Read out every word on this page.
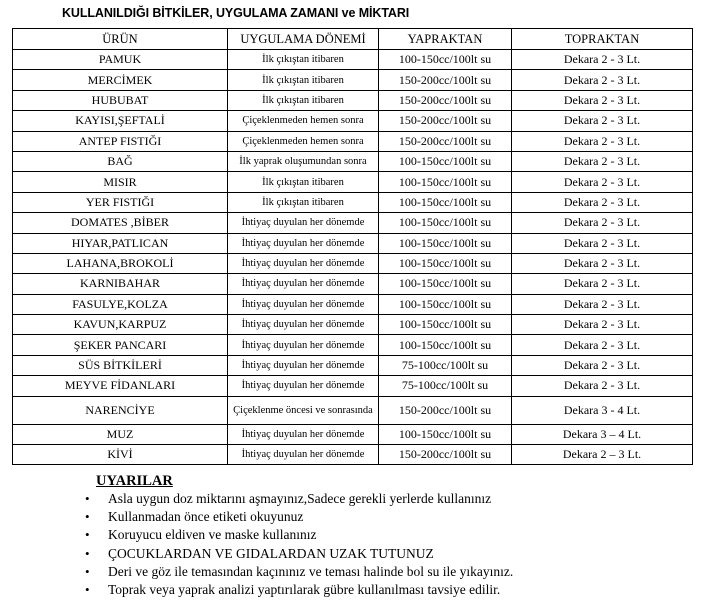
KULLANILDIĞI BİTKİLER, UYGULAMA ZAMANI ve MİKTARI
ÜRÜN	UYGULAMA DÖNEMİ	YAPRAKTAN	TOPRAKTAN
PAMUK	İlk çıkıştan itibaren	100-150cc/100lt su	Dekara 2 - 3 Lt.
MERCİMEK	İlk çıkıştan itibaren	150-200cc/100lt su	Dekara 2 - 3 Lt.
HUBUBAT	İlk çıkıştan itibaren	150-200cc/100lt su	Dekara 2 - 3 Lt.
KAYISI,ŞEFTALİ	Çiçeklenmeden hemen sonra	150-200cc/100lt su	Dekara 2 - 3 Lt.
ANTEP FISTIĞI	Çiçeklenmeden hemen sonra	150-200cc/100lt su	Dekara 2 - 3 Lt.
BAĞ	İlk yaprak oluşumundan sonra	100-150cc/100lt su	Dekara 2 - 3 Lt.
MISIR	İlk çıkıştan itibaren	100-150cc/100lt su	Dekara 2 - 3 Lt.
YER FISTIĞI	İlk çıkıştan itibaren	100-150cc/100lt su	Dekara 2 - 3 Lt.
DOMATES ,BİBER	İhtiyaç duyulan her dönemde	100-150cc/100lt su	Dekara 2 - 3 Lt.
HIYAR,PATLICAN	İhtiyaç duyulan her dönemde	100-150cc/100lt su	Dekara 2 - 3 Lt.
LAHANA,BROKOLİ	İhtiyaç duyulan her dönemde	100-150cc/100lt su	Dekara 2 - 3 Lt.
KARNIBAHAR	İhtiyaç duyulan her dönemde	100-150cc/100lt su	Dekara 2 - 3 Lt.
FASULYE,KOLZA	İhtiyaç duyulan her dönemde	100-150cc/100lt su	Dekara 2 - 3 Lt.
KAVUN,KARPUZ	İhtiyaç duyulan her dönemde	100-150cc/100lt su	Dekara 2 - 3 Lt.
ŞEKER PANCARI	İhtiyaç duyulan her dönemde	100-150cc/100lt su	Dekara 2 - 3 Lt.
SÜS BİTKİLERİ	İhtiyaç duyulan her dönemde	75-100cc/100lt su	Dekara 2 - 3 Lt.
MEYVE FİDANLARI	İhtiyaç duyulan her dönemde	75-100cc/100lt su	Dekara 2 - 3 Lt.
NARENCİYE	Çiçeklenme öncesi ve sonrasında	150-200cc/100lt su	Dekara 3 - 4 Lt.
MUZ	İhtiyaç duyulan her dönemde	100-150cc/100lt su	Dekara 3 – 4 Lt.
KİVİ	İhtiyaç duyulan her dönemde	150-200cc/100lt su	Dekara 2 – 3 Lt.
UYARILAR
• Asla uygun doz miktarını aşmayınız,Sadece gerekli yerlerde kullanınız
• Kullanmadan önce etiketi okuyunuz
• Koruyucu eldiven ve maske kullanınız
• ÇOCUKLARDAN VE GIDALARDAN UZAK TUTUNUZ
• Deri ve göz ile temasından kaçınınız ve teması halinde bol su ile yıkayınız.
• Toprak veya yaprak analizi yaptırılarak gübre kullanılması tavsiye edilir.
